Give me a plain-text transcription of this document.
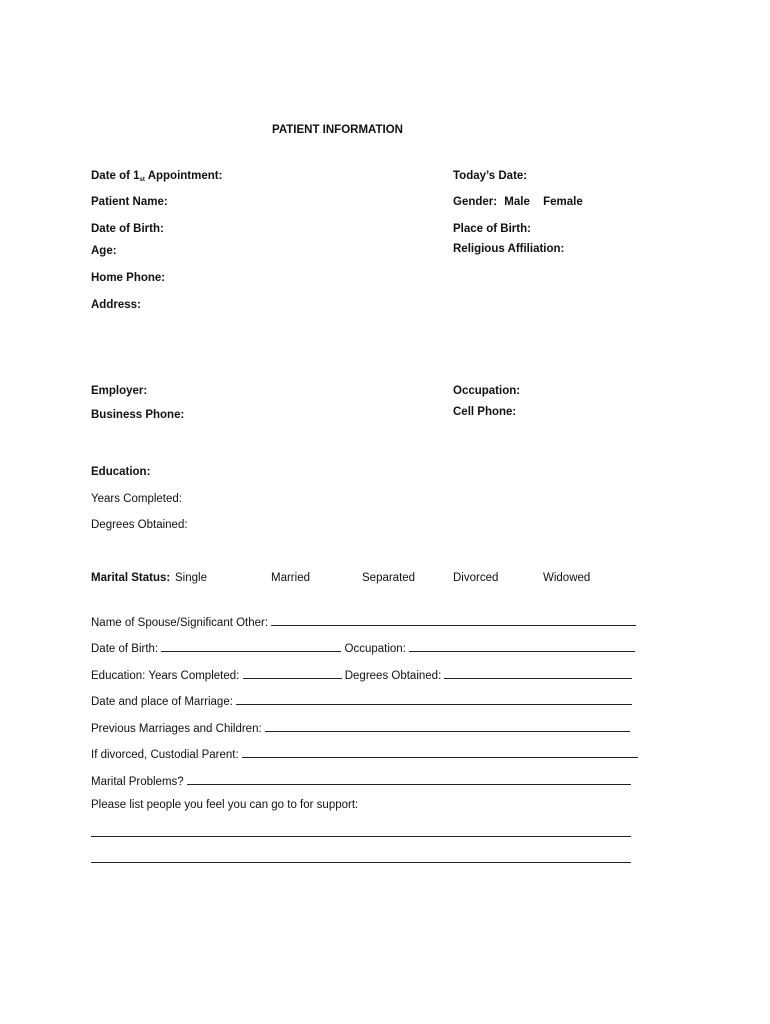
PATIENT INFORMATION
Date of $1_{st}$ Appointment:	Today’s Date:
Patient Name:	Gender: Male Female
Date of Birth:	Place of Birth:
Age:	Religious Affiliation:
Home Phone:
Address:
Employer:	Occupation:
Business Phone:	Cell Phone:
Education:
Years Completed:
Degrees Obtained:
Marital Status: Single	Married	Separated	Divorced	Widowed
Name of Spouse/Significant Other:
Date of Birth:	Occupation:
Education: Years Completed:	Degrees Obtained:
Date and place of Marriage:
Previous Marriages and Children:
If divorced, Custodial Parent:
Marital Problems?
Please list people you feel you can go to for support:
